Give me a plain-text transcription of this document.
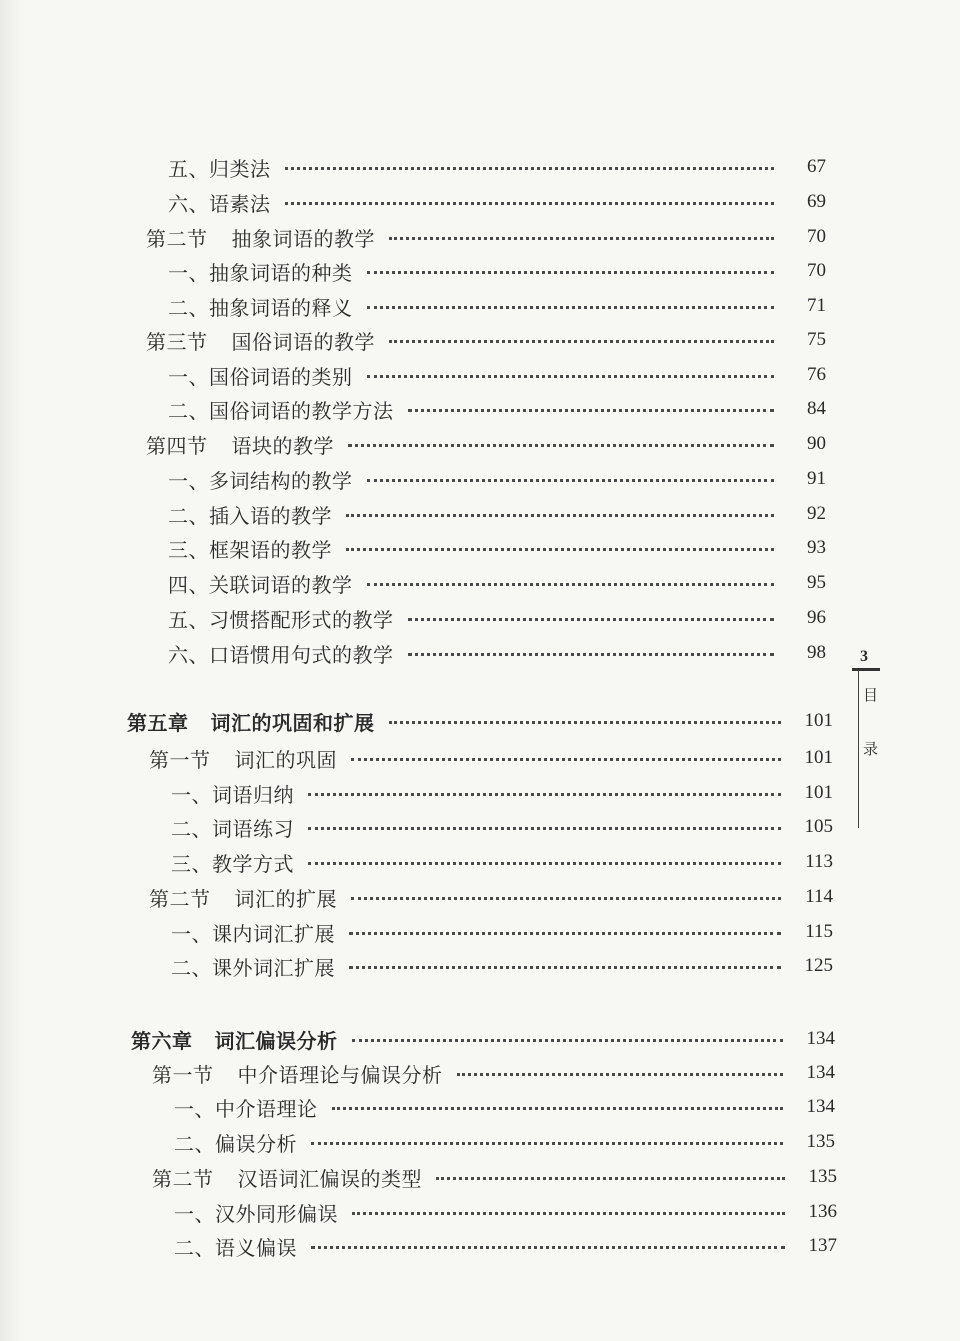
五、归类法	67
六、语素法	69
第二节 抽象词语的教学	70
一、抽象词语的种类	70
二、抽象词语的释义	71
第三节 国俗词语的教学	75
一、国俗词语的类别	76
二、国俗词语的教学方法	84
第四节 语块的教学	90
一、多词结构的教学	91
二、插入语的教学	92
三、框架语的教学	93
四、关联词语的教学	95
五、习惯搭配形式的教学	96
六、口语惯用句式的教学	98
第五章 词汇的巩固和扩展	101
第一节 词汇的巩固	101
一、词语归纳	101
二、词语练习	105
三、教学方式	113
第二节 词汇的扩展	114
一、课内词汇扩展	115
二、课外词汇扩展	125
第六章 词汇偏误分析	134
第一节 中介语理论与偏误分析	134
一、中介语理论	134
二、偏误分析	135
第二节 汉语词汇偏误的类型	135
一、汉外同形偏误	136
二、语义偏误	137
3
目
录
